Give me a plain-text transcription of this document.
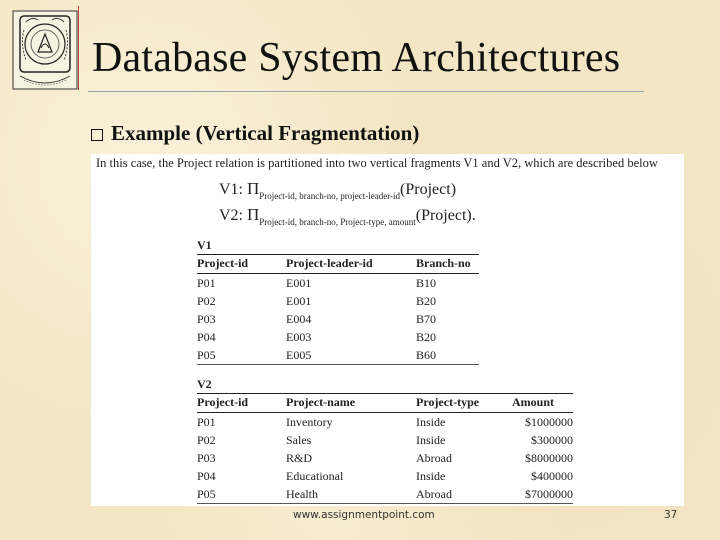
Database System Architectures
Example (Vertical Fragmentation)
In this case, the Project relation is partitioned into two vertical fragments V1 and V2, which are described below
V1: $\Pi_{Project-id, branch-no, project-leader-id}(Project)$
V2: $\Pi_{Project-id, branch-no, Project-type, amount}(Project)$.
V1
Project-id	Project-leader-id	Branch-no
P01	E001	B10
P02	E001	B20
P03	E004	B70
P04	E003	B20
P05	E005	B60
V2
Project-id	Project-name	Project-type	Amount
P01	Inventory	Inside	$1000000
P02	Sales	Inside	$300000
P03	R&D	Abroad	$8000000
P04	Educational	Inside	$400000
P05	Health	Abroad	$7000000
www.assignmentpoint.com	37
